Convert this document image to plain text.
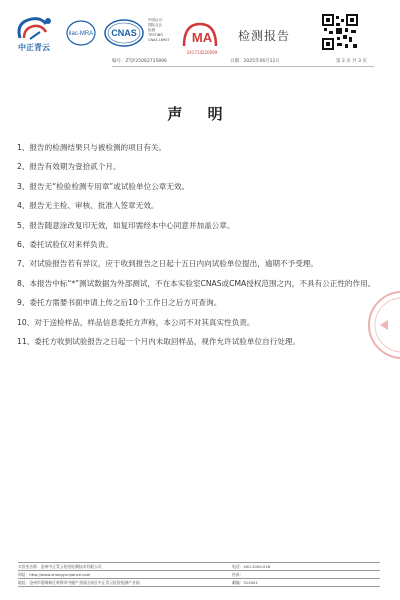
中正青云
ilac-MRA CNAS
中国认可
国际互认
检测
TESTING
CNAS L6907	MA
241714220099
检测报告
编号：ZTJY25062715896	日期：2025年06月12日	第 3 页 共 3 页
声 明
1、报告的检测结果只与被检测的项目有关。
2、报告有效期为壹拾贰个月。
3、报告无“检验检测专用章”或试验单位公章无效。
4、报告无主检、审核、批准人签章无效。
5、报告随意涂改复印无效，如复印需经本中心同意并加盖公章。
6、委托试验仅对来样负责。
7、对试验报告若有异议，应于收到报告之日起十五日内向试验单位提出，逾期不予受理。
8、本报告中标“*”测试数据为外部测试，不在本实验室CNAS或CMA授权范围之内，不具有公正性的作用。
9、委托方需要书面申请上传之后10个工作日之后方可查询。
10、对于送检样品，样品信息委托方声称，本公司不对其真实性负责。
11、委托方收到试验报告之日起一个月内未取回样品，视作允许试验单位自行处理。
实验室名称：沧州中正青云检验检测技术有限公司	电话：400-1000-016
网址：http://www.zhongyunjiance.com	传真：
地址：沧州市渤海新区黄骅市中捷产业园区南区中正青云检验检测产业园	邮编：312001
